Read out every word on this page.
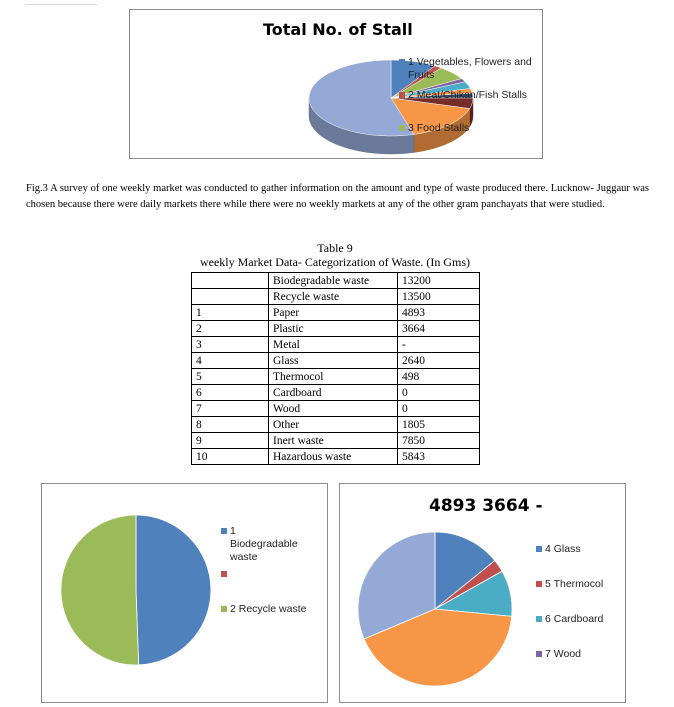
Total No. of Stall
1 Vegetables, Flowers and Fruits
2 Meat/Chikan/Fish Stalls
3 Food Stalls
Fig.3 A survey of one weekly market was conducted to gather information on the amount and type of waste produced there. Lucknow- Juggaur was chosen because there were daily markets there while there were no weekly markets at any of the other gram panchayats that were studied.
Table 9
weekly Market Data- Categorization of Waste. (In Gms)
	Biodegradable waste	13200
	Recycle waste	13500
1	Paper	4893
2	Plastic	3664
3	Metal	-
4	Glass	2640
5	Thermocol	498
6	Cardboard	0
7	Wood	0
8	Other	1805
9	Inert waste	7850
10	Hazardous waste	5843
1 Biodegradable waste
2 Recycle waste
4893 3664 -
4 Glass
5 Thermocol
6 Cardboard
7 Wood
